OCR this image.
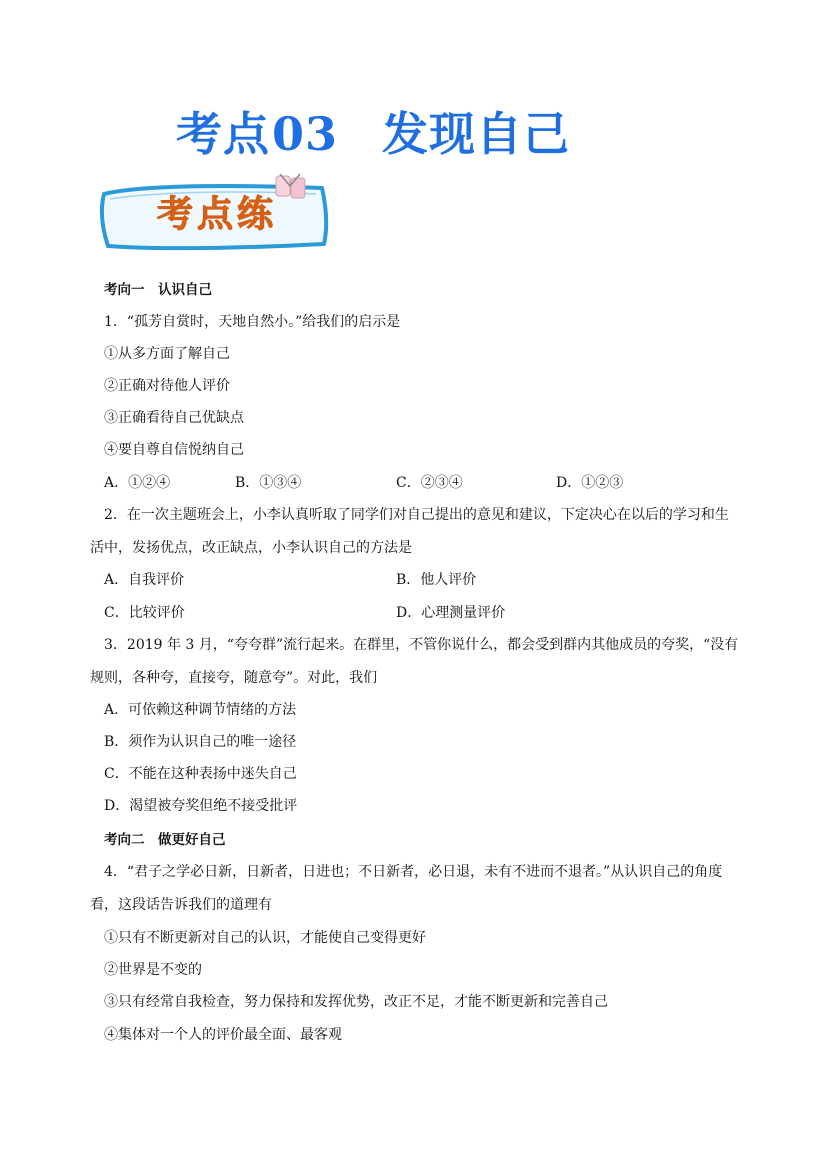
考点03 发现自己
考点练
考向一　认识自己
1．“孤芳自赏时，天地自然小。”给我们的启示是
①从多方面了解自己
②正确对待他人评价
③正确看待自己优缺点
④要自尊自信悦纳自己
A．①②④	B．①③④	C．②③④	D．①②③
2．在一次主题班会上，小李认真听取了同学们对自己提出的意见和建议，下定决心在以后的学习和生
活中，发扬优点，改正缺点，小李认识自己的方法是
A．自我评价	B．他人评价
C．比较评价	D．心理测量评价
3．2019 年 3 月，“夸夸群”流行起来。在群里，不管你说什么，都会受到群内其他成员的夸奖，“没有
规则，各种夸，直接夸，随意夸”。对此，我们
A．可依赖这种调节情绪的方法
B．须作为认识自己的唯一途径
C．不能在这种表扬中迷失自己
D．渴望被夸奖但绝不接受批评
考向二　做更好自己
4．“君子之学必日新，日新者，日进也；不日新者，必日退，未有不进而不退者。”从认识自己的角度
看，这段话告诉我们的道理有
①只有不断更新对自己的认识，才能使自己变得更好
②世界是不变的
③只有经常自我检查，努力保持和发挥优势，改正不足，才能不断更新和完善自己
④集体对一个人的评价最全面、最客观
